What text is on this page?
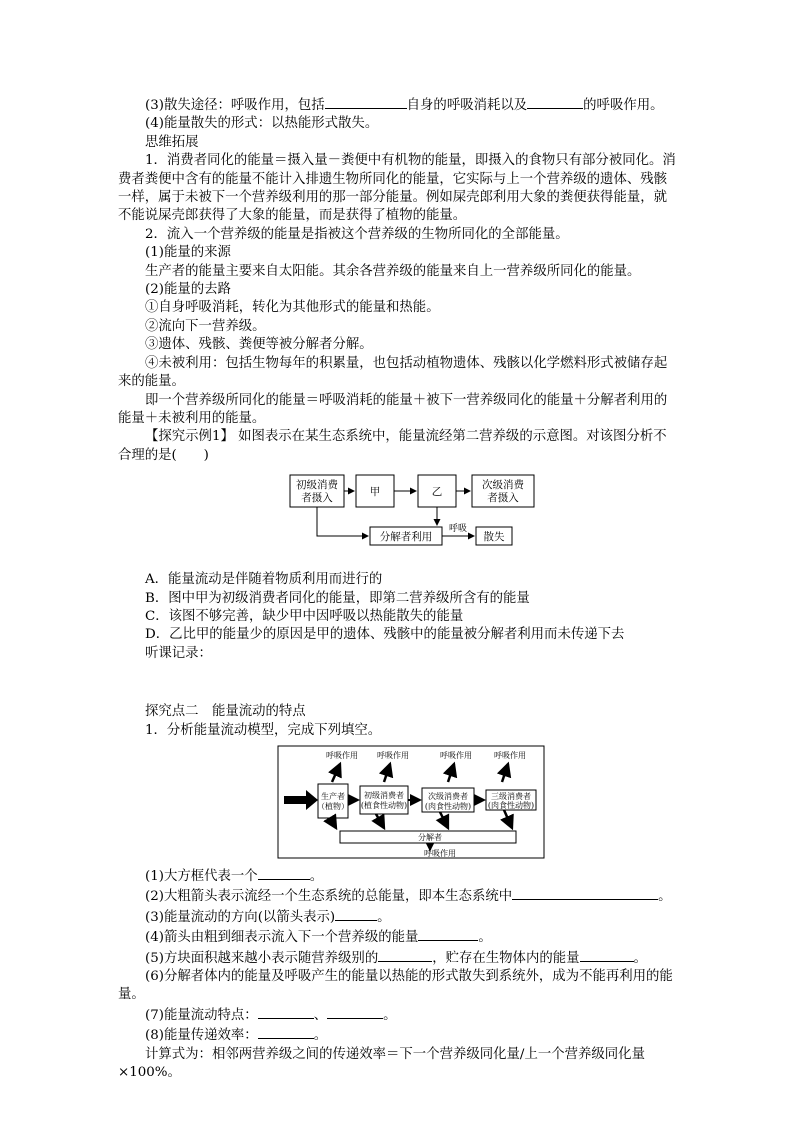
(3)散失途径：呼吸作用，包括	自身的呼吸消耗以及	的呼吸作用。

(4)能量散失的形式：以热能形式散失。

思维拓展

1．消费者同化的能量＝摄入量－粪便中有机物的能量，即摄入的食物只有部分被同化。消费者粪便中含有的能量不能计入排遗生物所同化的能量，它实际与上一个营养级的遗体、残骸一样，属于未被下一个营养级利用的那一部分能量。例如屎壳郎利用大象的粪便获得能量，就不能说屎壳郎获得了大象的能量，而是获得了植物的能量。

2．流入一个营养级的能量是指被这个营养级的生物所同化的全部能量。

(1)能量的来源

生产者的能量主要来自太阳能。其余各营养级的能量来自上一营养级所同化的能量。

(2)能量的去路

①自身呼吸消耗，转化为其他形式的能量和热能。

②流向下一营养级。

③遗体、残骸、粪便等被分解者分解。

④未被利用：包括生物每年的积累量，也包括动植物遗体、残骸以化学燃料形式被储存起来的能量。

即一个营养级所同化的能量＝呼吸消耗的能量＋被下一营养级同化的能量＋分解者利用的能量＋未被利用的能量。

【探究示例1】 如图表示在某生态系统中，能量流经第二营养级的示意图。对该图分析不合理的是(　　)

初级消费
者摄入	甲	乙
次级消费
者摄入
分解者利用	散失
呼吸

A．能量流动是伴随着物质利用而进行的

B．图中甲为初级消费者同化的能量，即第二营养级所含有的能量

C．该图不够完善，缺少甲中因呼吸以热能散失的能量

D．乙比甲的能量少的原因是甲的遗体、残骸中的能量被分解者利用而未传递下去

听课记录：

探究点二　能量流动的特点

1．分析能量流动模型，完成下列填空。

呼吸作用 呼吸作用	呼吸作用	呼吸作用
生产者
（植物）
初级消费者
(植食性动物)
次级消费者
(肉食性动物)
三级消费者
(肉食性动物)
分解者
呼吸作用

(1)大方框代表一个	。

(2)大粗箭头表示流经一个生态系统的总能量，即本生态系统中	。

(3)能量流动的方向(以箭头表示)	。

(4)箭头由粗到细表示流入下一个营养级的能量	。

(5)方块面积越来越小表示随营养级别的	，贮存在生物体内的能量	。

(6)分解者体内的能量及呼吸产生的能量以热能的形式散失到系统外，成为不能再利用的能量。

(7)能量流动特点：	、	。

(8)能量传递效率：	。

计算式为：相邻两营养级之间的传递效率＝下一个营养级同化量/上一个营养级同化量×100%。
